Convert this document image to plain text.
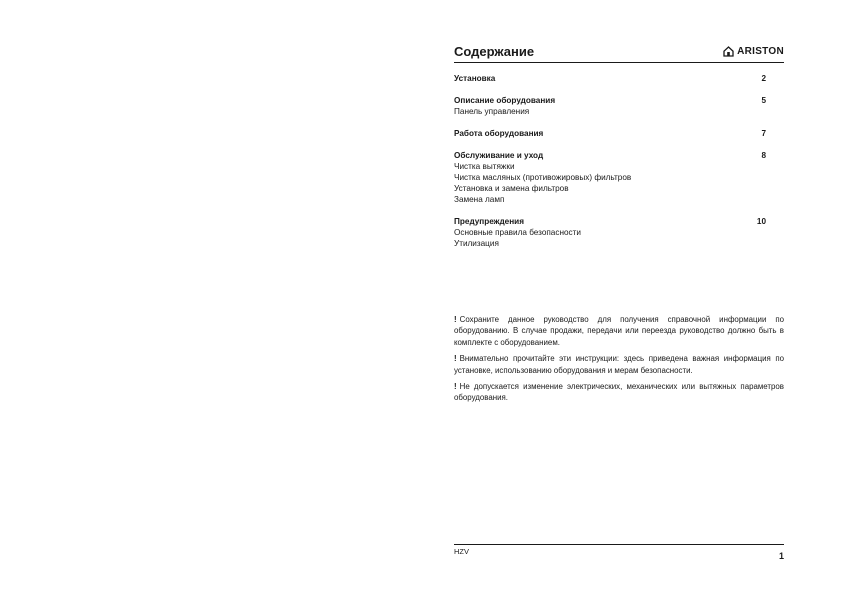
Содержание	ARISTON
Установка	2
Описание оборудования	5
Панель управления
Работа оборудования	7
Обслуживание и уход	8
Чистка вытяжки
Чистка масляных (противожировых) фильтров
Установка и замена фильтров
Замена ламп
Предупреждения	10
Основные правила безопасности
Утилизация
! Сохраните данное руководство для получения справочной информации по оборудованию. В случае продажи, передачи или переезда руководство должно быть в комплекте с оборудованием.
! Внимательно прочитайте эти инструкции: здесь приведена важная информация по установке, использованию оборудования и мерам безопасности.
! Не допускается изменение электрических, механических или вытяжных параметров оборудования.
HZV	1
